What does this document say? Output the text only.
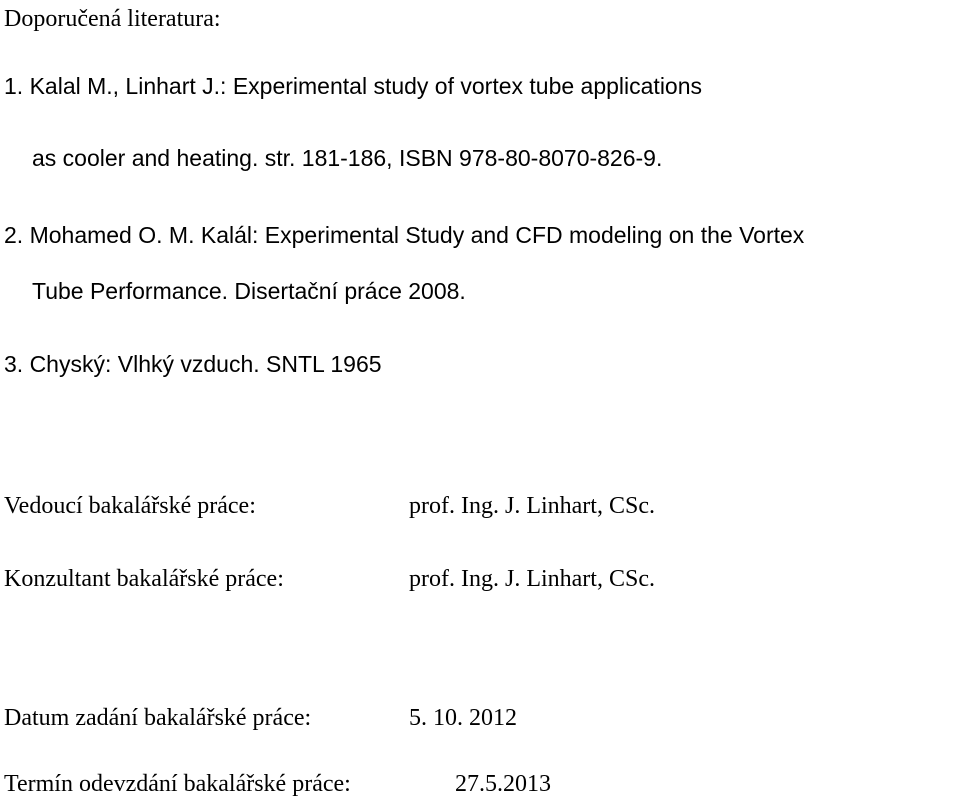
Doporučená literatura:

1. Kalal M., Linhart J.: Experimental study of vortex tube applications

as cooler and heating. str. 181-186, ISBN 978-80-8070-826-9.

2. Mohamed O. M. Kalál: Experimental Study and CFD modeling on the Vortex

Tube Performance. Disertační práce 2008.

3. Chyský: Vlhký vzduch. SNTL 1965

Vedoucí bakalářské práce:	prof. Ing. J. Linhart, CSc.

Konzultant bakalářské práce:	prof. Ing. J. Linhart, CSc.

Datum zadání bakalářské práce:	5. 10. 2012

Termín odevzdání bakalářské práce:	27.5.2013
